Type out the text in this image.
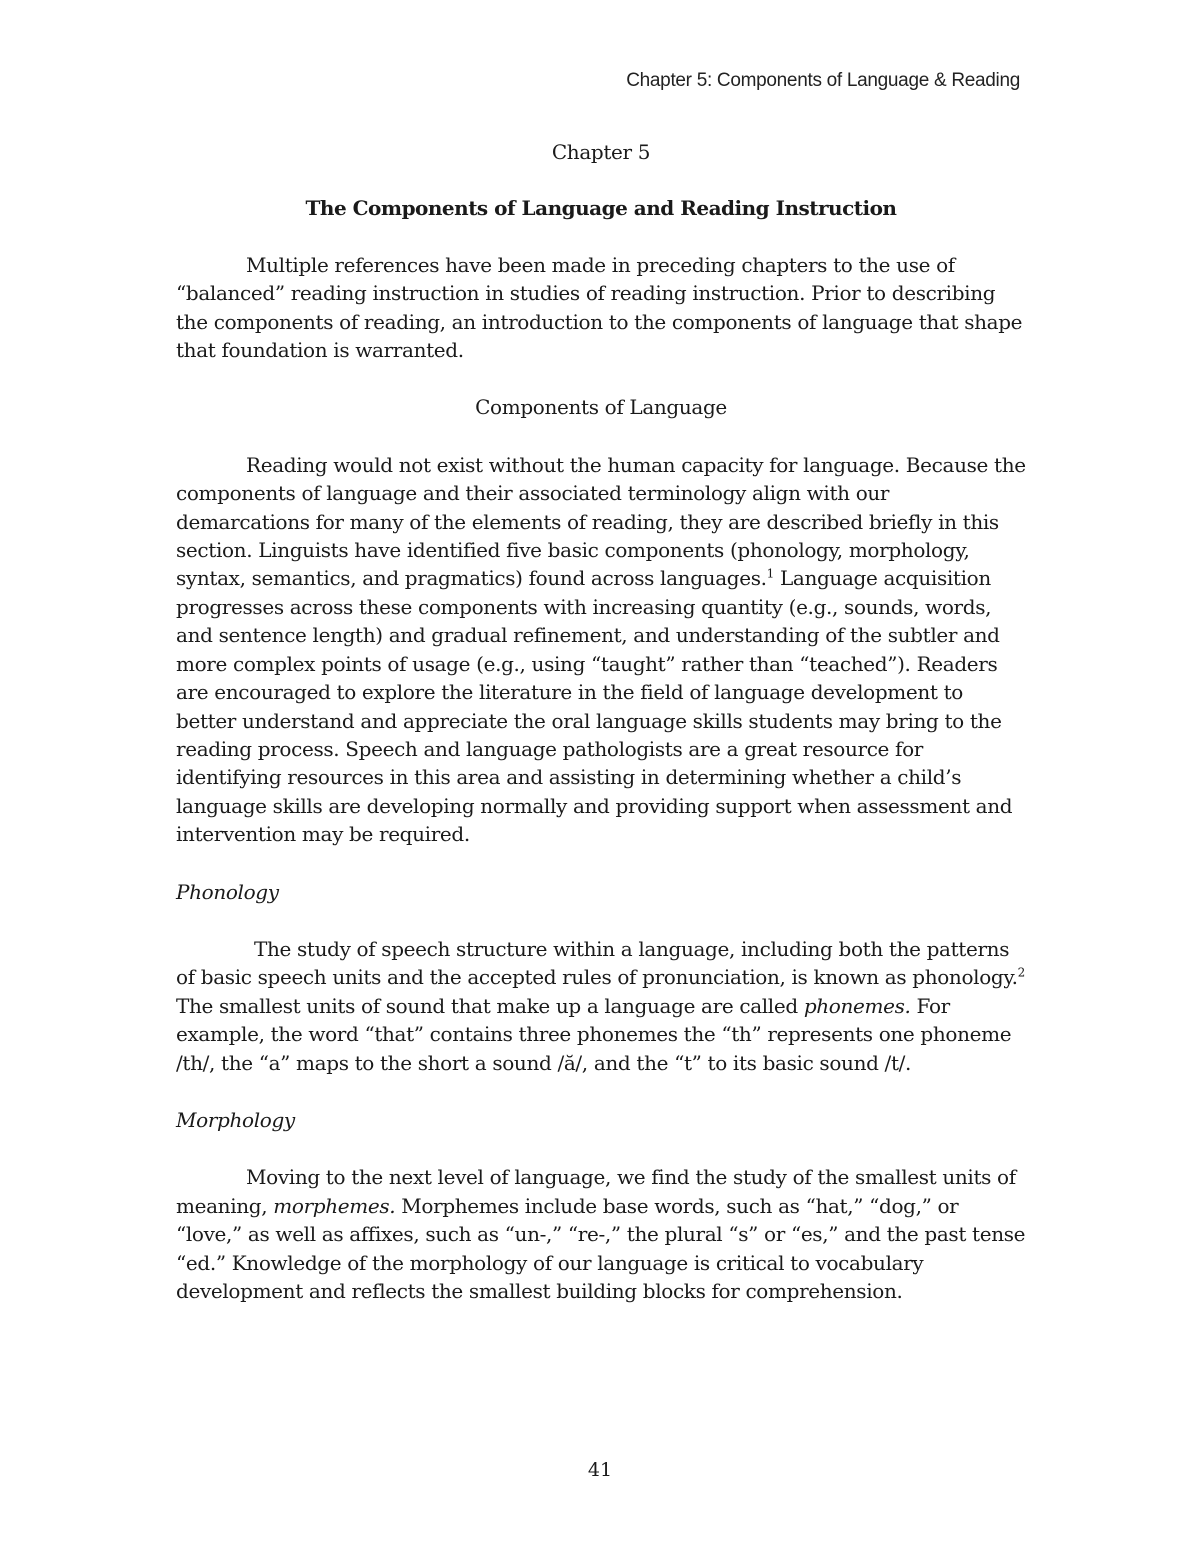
Chapter 5: Components of Language & Reading
Chapter 5
The Components of Language and Reading Instruction

Multiple references have been made in preceding chapters to the use of “balanced” reading instruction in studies of reading instruction. Prior to describing the components of reading, an introduction to the components of language that shape that foundation is warranted.

Components of Language

Reading would not exist without the human capacity for language. Because the components of language and their associated terminology align with our demarcations for many of the elements of reading, they are described briefly in this section. Linguists have identified five basic components (phonology, morphology, syntax, semantics, and pragmatics) found across languages.$^1$ Language acquisition progresses across these components with increasing quantity (e.g., sounds, words, and sentence length) and gradual refinement, and understanding of the subtler and more complex points of usage (e.g., using “taught” rather than “teached”). Readers are encouraged to explore the literature in the field of language development to better understand and appreciate the oral language skills students may bring to the reading process. Speech and language pathologists are a great resource for identifying resources in this area and assisting in determining whether a child’s language skills are developing normally and providing support when assessment and intervention may be required.

Phonology

The study of speech structure within a language, including both the patterns of basic speech units and the accepted rules of pronunciation, is known as phonology.$^2$ The smallest units of sound that make up a language are called phonemes. For example, the word “that” contains three phonemes the “th” represents one phoneme /th/, the “a” maps to the short a sound /ă/, and the “t” to its basic sound /t/.

Morphology

Moving to the next level of language, we find the study of the smallest units of meaning, morphemes. Morphemes include base words, such as “hat,” “dog,” or “love,” as well as affixes, such as “un-,” “re-,” the plural “s” or “es,” and the past tense “ed.” Knowledge of the morphology of our language is critical to vocabulary development and reflects the smallest building blocks for comprehension.

41
